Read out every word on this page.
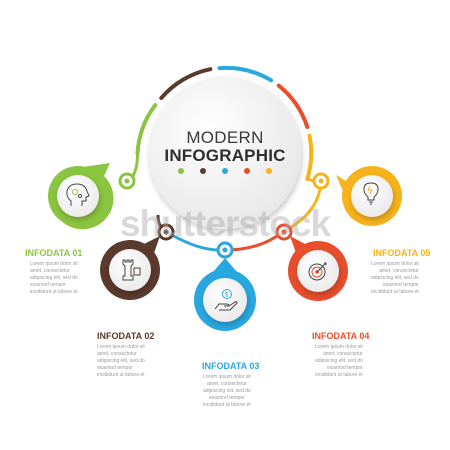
$
MODERN
INFOGRAPHIC
shutterstock
INFODATA 01
Lorem ipsum dolor sit
amet, consectetur
adipiscing elit, sed do
eiusmod tempor
incididunt ut labore et
INFODATA 02
Lorem ipsum dolor sit
amet, consectetur
adipiscing elit, sed do
eiusmod tempor
incididunt ut labore et
INFODATA 03
Lorem ipsum dolor sit
amet, consectetur
adipiscing elit, sed do
eiusmod tempor
incididunt ut labore et
INFODATA 04
Lorem ipsum dolor sit
amet, consectetur
adipiscing elit, sed do
eiusmod tempor
incididunt ut labore et
INFODATA 05
Lorem ipsum dolor sit
amet, consectetur
adipiscing elit, sed do
eiusmod tempor
incididunt ut labore et
